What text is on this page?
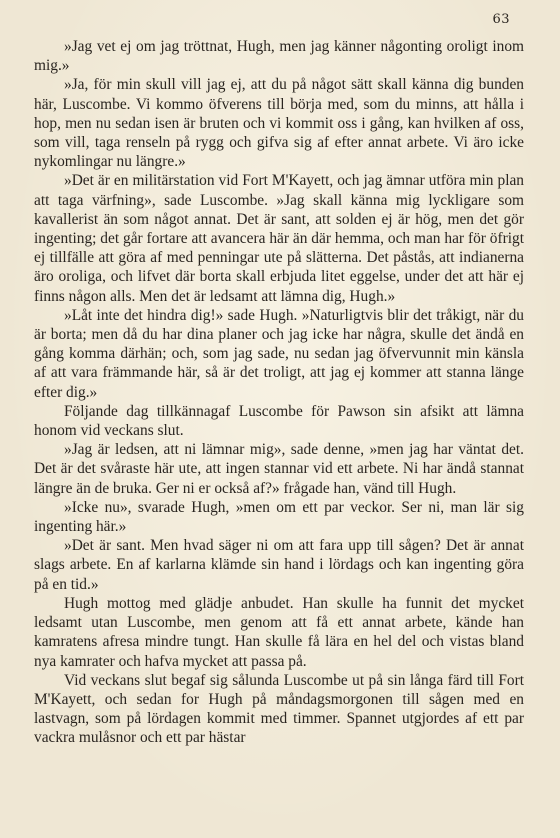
63

»Jag vet ej om jag tröttnat, Hugh, men jag känner någonting oroligt inom mig.»

»Ja, för min skull vill jag ej, att du på något sätt skall känna dig bunden här, Luscombe. Vi kommo öfverens till börja med, som du minns, att hålla i hop, men nu sedan isen är bruten och vi kommit oss i gång, kan hvilken af oss, som vill, taga renseln på rygg och gifva sig af efter annat arbete. Vi äro icke nykomlingar nu längre.»

»Det är en militärstation vid Fort M'Kayett, och jag ämnar utföra min plan att taga värfning», sade Luscombe. »Jag skall känna mig lyckligare som kavallerist än som något annat. Det är sant, att solden ej är hög, men det gör ingenting; det går fortare att avancera här än där hemma, och man har för öfrigt ej tillfälle att göra af med penningar ute på slätterna. Det påstås, att indianerna äro oroliga, och lifvet där borta skall erbjuda litet eggelse, under det att här ej finns någon alls. Men det är ledsamt att lämna dig, Hugh.»

»Låt inte det hindra dig!» sade Hugh. »Naturligtvis blir det tråkigt, när du är borta; men då du har dina planer och jag icke har några, skulle det ändå en gång komma därhän; och, som jag sade, nu sedan jag öfvervunnit min känsla af att vara främmande här, så är det troligt, att jag ej kommer att stanna länge efter dig.»

Följande dag tillkännagaf Luscombe för Pawson sin afsikt att lämna honom vid veckans slut.

»Jag är ledsen, att ni lämnar mig», sade denne, »men jag har väntat det. Det är det svåraste här ute, att ingen stannar vid ett arbete. Ni har ändå stannat längre än de bruka. Ger ni er också af?» frågade han, vänd till Hugh.

»Icke nu», svarade Hugh, »men om ett par veckor. Ser ni, man lär sig ingenting här.»

»Det är sant. Men hvad säger ni om att fara upp till sågen? Det är annat slags arbete. En af karlarna klämde sin hand i lördags och kan ingenting göra på en tid.»

Hugh mottog med glädje anbudet. Han skulle ha funnit det mycket ledsamt utan Luscombe, men genom att få ett annat arbete, kände han kamratens afresa mindre tungt. Han skulle få lära en hel del och vistas bland nya kamrater och hafva mycket att passa på.

Vid veckans slut begaf sig sålunda Luscombe ut på sin långa färd till Fort M'Kayett, och sedan for Hugh på måndagsmorgonen till sågen med en lastvagn, som på lördagen kommit med timmer. Spannet utgjordes af ett par vackra mulåsnor och ett par hästar
